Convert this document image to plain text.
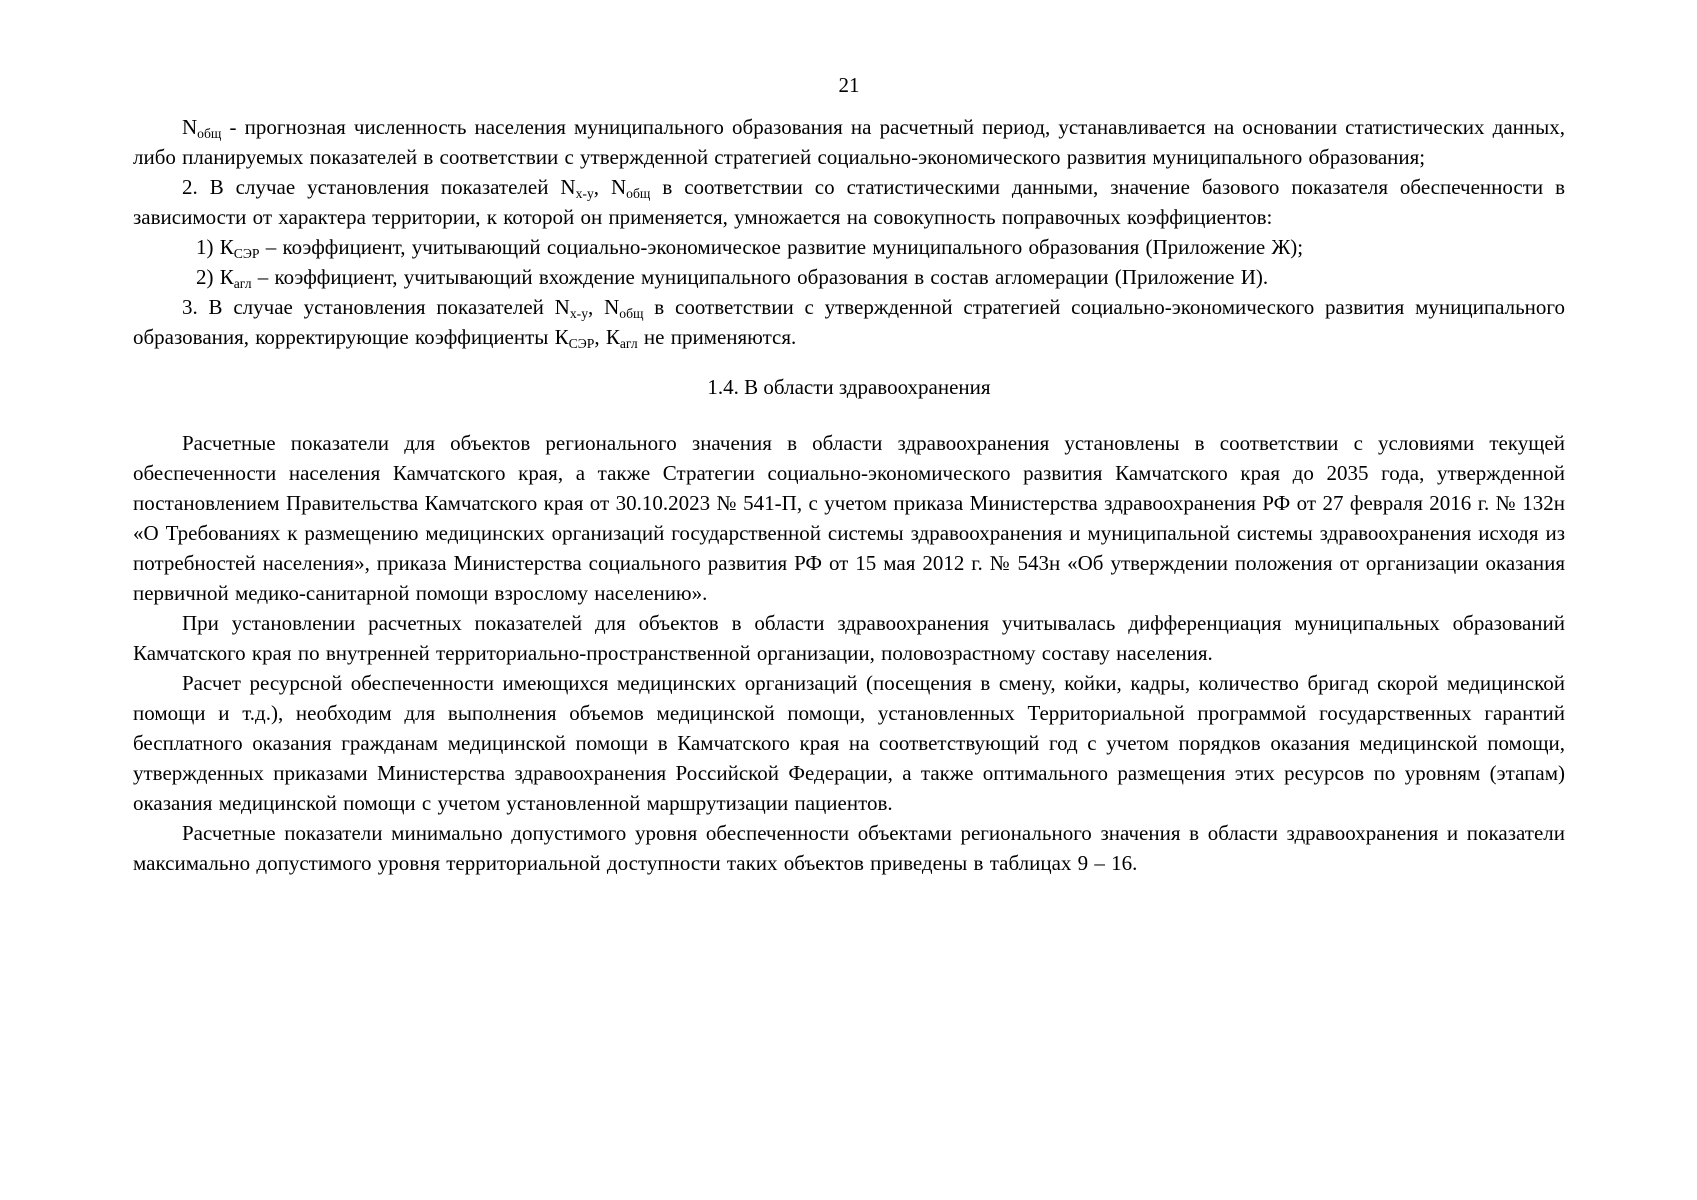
21

$N_{общ}$ - прогнозная численность населения муниципального образования на расчетный период, устанавливается на основании статистических данных, либо планируемых показателей в соответствии с утвержденной стратегией социально-экономического развития муниципального образования;

2. В случае установления показателей $N_{х-у}$, $N_{общ}$ в соответствии со статистическими данными, значение базового показателя обеспеченности в зависимости от характера территории, к которой он применяется, умножается на совокупность поправочных коэффициентов:

1) $К_{СЭР}$ – коэффициент, учитывающий социально-экономическое развитие муниципального образования (Приложение Ж);

2) $К_{агл}$ – коэффициент, учитывающий вхождение муниципального образования в состав агломерации (Приложение И).

3. В случае установления показателей $N_{х-у}$, $N_{общ}$ в соответствии с утвержденной стратегией социально-экономического развития муниципального образования, корректирующие коэффициенты $К_{СЭР}$, $К_{агл}$ не применяются.

1.4. В области здравоохранения

Расчетные показатели для объектов регионального значения в области здравоохранения установлены в соответствии с условиями текущей обеспеченности населения Камчатского края, а также Стратегии социально-экономического развития Камчатского края до 2035 года, утвержденной постановлением Правительства Камчатского края от 30.10.2023 № 541-П, с учетом приказа Министерства здравоохранения РФ от 27 февраля 2016 г. № 132н «О Требованиях к размещению медицинских организаций государственной системы здравоохранения и муниципальной системы здравоохранения исходя из потребностей населения», приказа Министерства социального развития РФ от 15 мая 2012 г. № 543н «Об утверждении положения от организации оказания первичной медико-санитарной помощи взрослому населению».

При установлении расчетных показателей для объектов в области здравоохранения учитывалась дифференциация муниципальных образований Камчатского края по внутренней территориально-пространственной организации, половозрастному составу населения.

Расчет ресурсной обеспеченности имеющихся медицинских организаций (посещения в смену, койки, кадры, количество бригад скорой медицинской помощи и т.д.), необходим для выполнения объемов медицинской помощи, установленных Территориальной программой государственных гарантий бесплатного оказания гражданам медицинской помощи в Камчатского края на соответствующий год с учетом порядков оказания медицинской помощи, утвержденных приказами Министерства здравоохранения Российской Федерации, а также оптимального размещения этих ресурсов по уровням (этапам) оказания медицинской помощи с учетом установленной маршрутизации пациентов.

Расчетные показатели минимально допустимого уровня обеспеченности объектами регионального значения в области здравоохранения и показатели максимально допустимого уровня территориальной доступности таких объектов приведены в таблицах 9 – 16.
